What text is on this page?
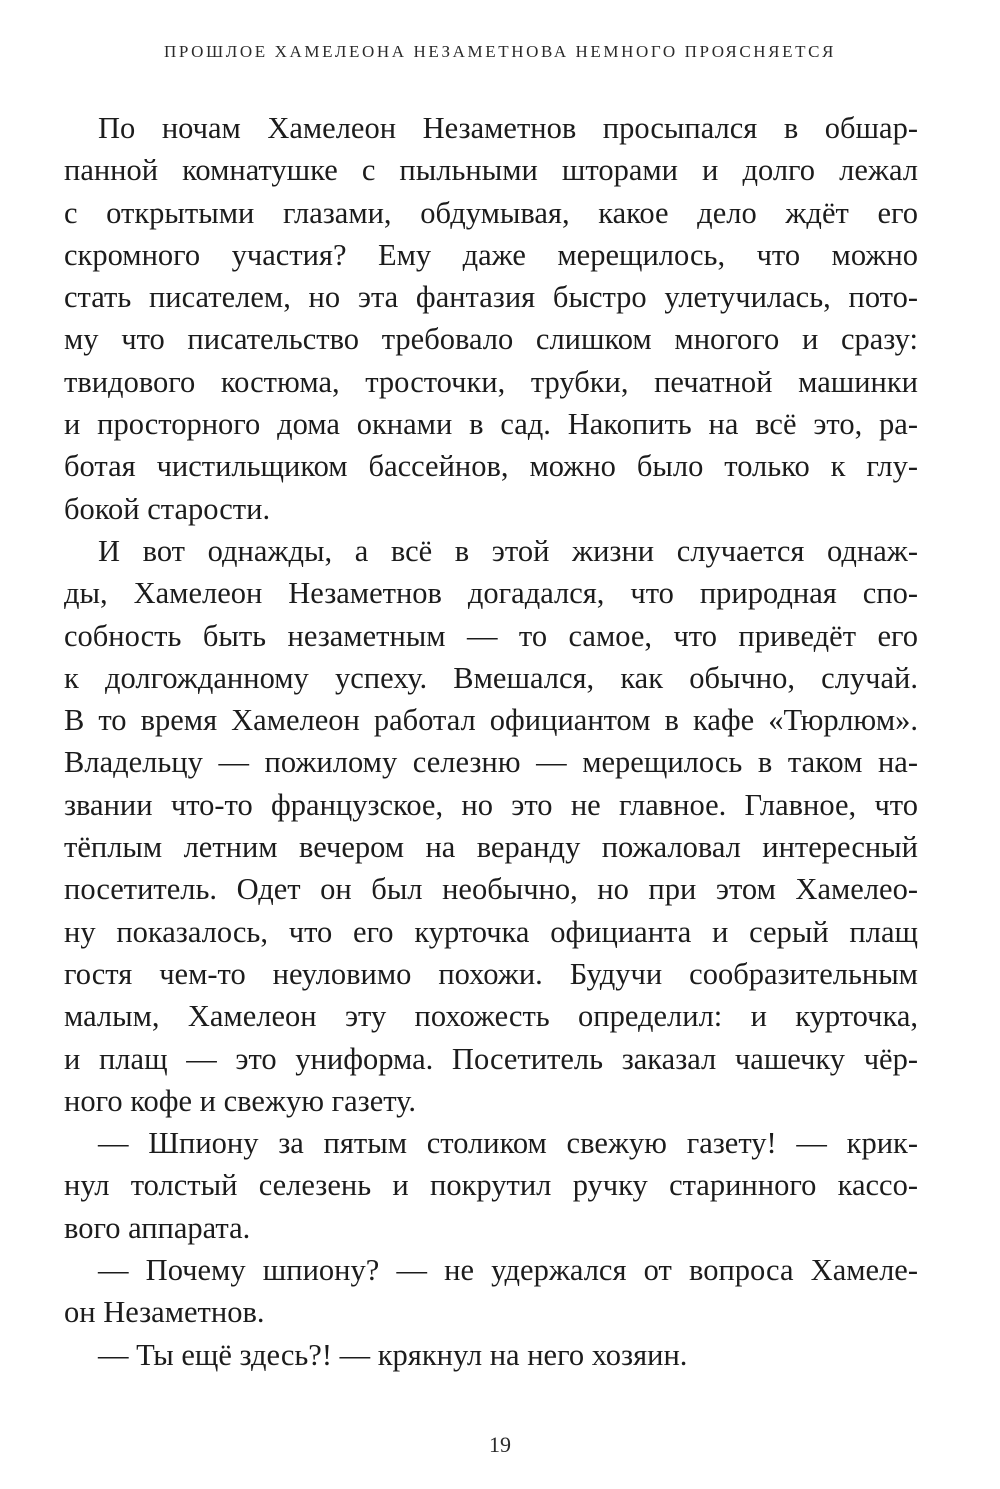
ПРОШЛОЕ ХАМЕЛЕОНА НЕЗАМЕТНОВА НЕМНОГО ПРОЯСНЯЕТСЯ
По ночам Хамелеон Незаметнов просыпался в обшар-
панной комнатушке с пыльными шторами и долго лежал
с открытыми глазами, обдумывая, какое дело ждёт его
скромного участия? Ему даже мерещилось, что можно
стать писателем, но эта фантазия быстро улетучилась, пото-
му что писательство требовало слишком многого и сразу:
твидового костюма, тросточки, трубки, печатной машинки
и просторного дома окнами в сад. Накопить на всё это, ра-
ботая чистильщиком бассейнов, можно было только к глу-
бокой старости.
И вот однажды, а всё в этой жизни случается однаж-
ды, Хамелеон Незаметнов догадался, что природная спо-
собность быть незаметным — то самое, что приведёт его
к долгожданному успеху. Вмешался, как обычно, случай.
В то время Хамелеон работал официантом в кафе «Тюрлюм».
Владельцу — пожилому селезню — мерещилось в таком на-
звании что-то французское, но это не главное. Главное, что
тёплым летним вечером на веранду пожаловал интересный
посетитель. Одет он был необычно, но при этом Хамелео-
ну показалось, что его курточка официанта и серый плащ
гостя чем-то неуловимо похожи. Будучи сообразительным
малым, Хамелеон эту похожесть определил: и курточка,
и плащ — это униформа. Посетитель заказал чашечку чёр-
ного кофе и свежую газету.
— Шпиону за пятым столиком свежую газету! — крик-
нул толстый селезень и покрутил ручку старинного кассо-
вого аппарата.
— Почему шпиону? — не удержался от вопроса Хамеле-
он Незаметнов.
— Ты ещё здесь?! — крякнул на него хозяин.
19
